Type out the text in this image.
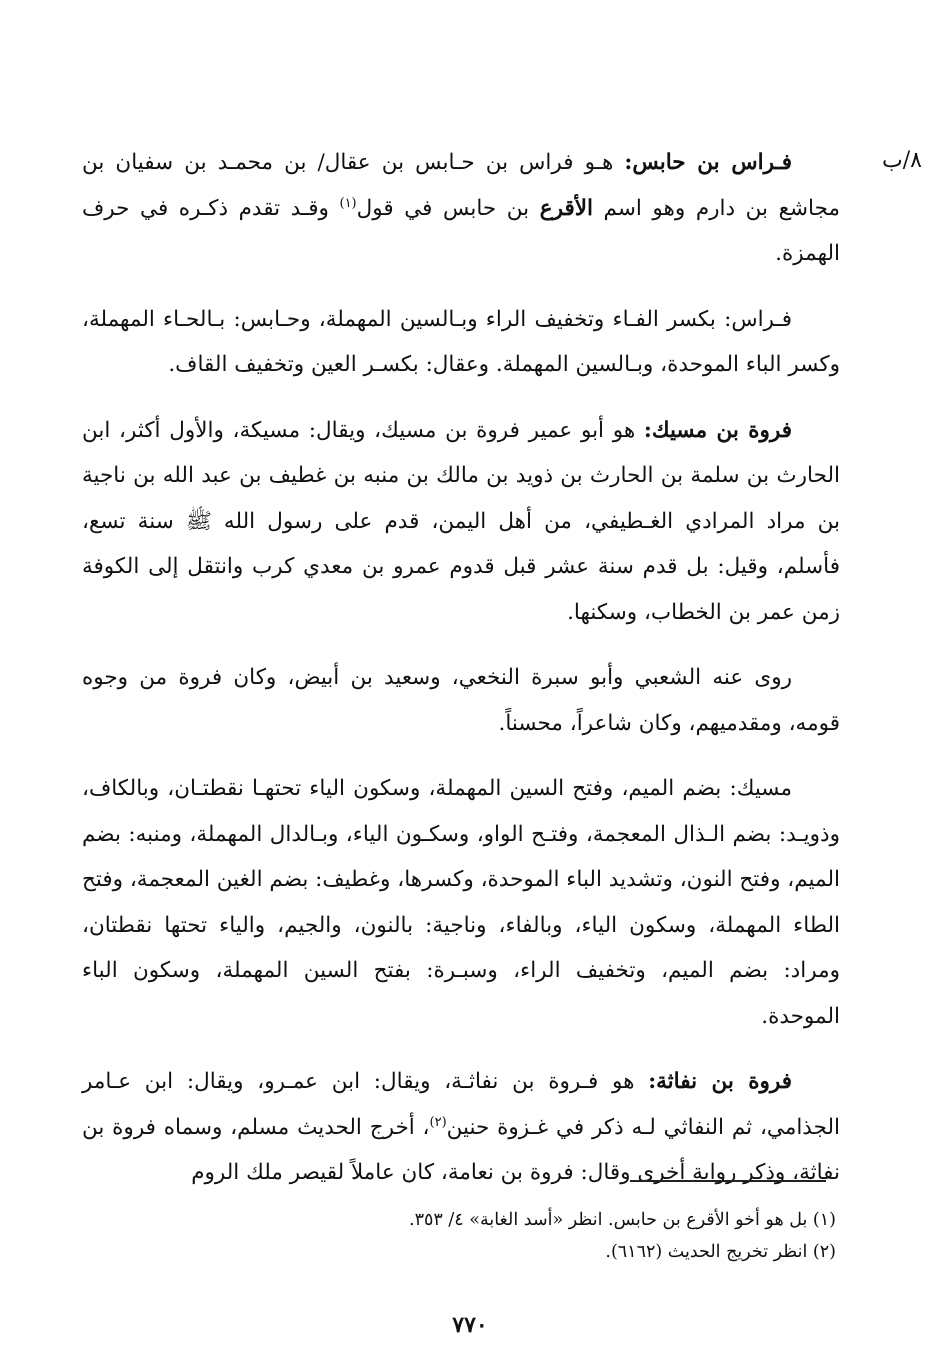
٨/ب

فـراس بن حابس: هـو فراس بن حـابس بن عقال/ بن محمـد بن سفيان بن مجاشع بن دارم وهو اسم الأقرع بن حابس في قول$^{(١)}$ وقـد تقدم ذكـره في حرف الهمزة.

فـراس: بكسر الفـاء وتخفيف الراء وبـالسين المهملة، وحـابس: بـالحـاء المهملة، وكسر الباء الموحدة، وبـالسين المهملة. وعقال: بكسـر العين وتخفيف القاف.

فروة بن مسيك: هو أبو عمير فروة بن مسيك، ويقال: مسيكة، والأول أكثر، ابن الحارث بن سلمة بن الحارث بن ذويد بن مالك بن منبه بن غطيف بن عبد الله بن ناجية بن مراد المرادي الغـطيفي، من أهل اليمن، قدم على رسول الله ﷺ سنة تسع، فأسلم، وقيل: بل قدم سنة عشر قبل قدوم عمرو بن معدي كرب وانتقل إلى الكوفة زمن عمر بن الخطاب، وسكنها.

روى عنه الشعبي وأبو سبرة النخعي، وسعيد بن أبيض، وكان فروة من وجوه قومه، ومقدميهم، وكان شاعراً، محسناً.

مسيك: بضم الميم، وفتح السين المهملة، وسكون الياء تحتهـا نقطتـان، وبالكاف، وذويـد: بضم الـذال المعجمة، وفتـح الواو، وسكـون الياء، وبـالدال المهملة، ومنبه: بضم الميم، وفتح النون، وتشديد الباء الموحدة، وكسرها، وغطيف: بضم الغين المعجمة، وفتح الطاء المهملة، وسكون الياء، وبالفاء، وناجية: بالنون، والجيم، والياء تحتها نقطتان، ومراد: بضم الميم، وتخفيف الراء، وسبـرة: بفتح السين المهملة، وسكون الباء الموحدة.

فروة بن نفاثة: هو فـروة بن نفاثـة، ويقال: ابن عمـرو، ويقال: ابن عـامر الجذامي، ثم النفاثي لـه ذكر في غـزوة حنين$^{(٢)}$، أخرج الحديث مسلم، وسماه فروة بن نفاثة، وذكر رواية أخرى وقال: فروة بن نعامة، كان عاملاً لقيصر ملك الروم

(١) بل هو أخو الأقرع بن حابس. انظر «أسد الغابة» ٤/ ٣٥٣.

(٢) انظر تخريج الحديث (٦١٦٢).

٧٧٠
